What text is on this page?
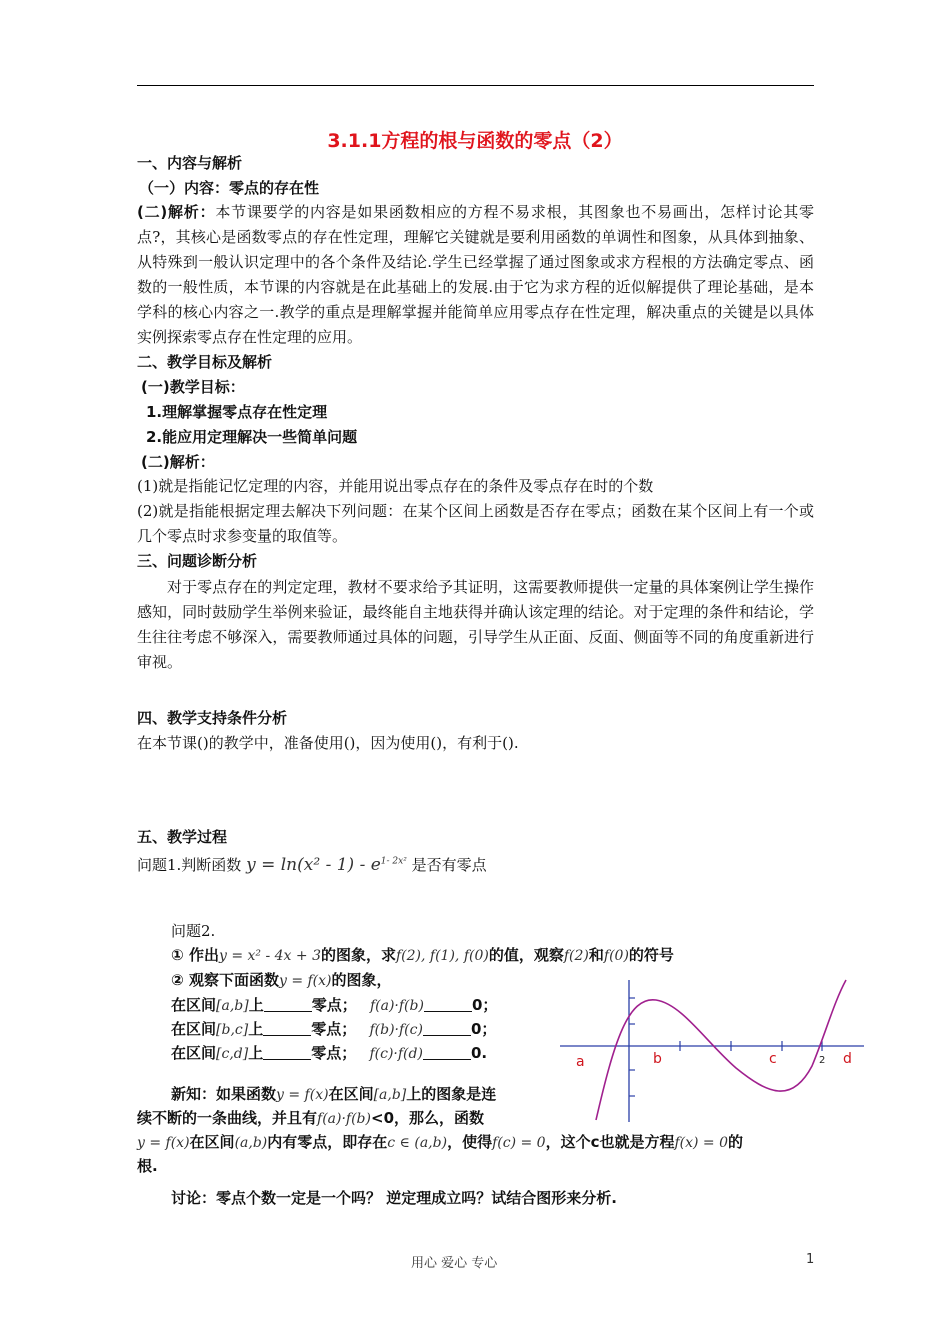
3.1.1方程的根与函数的零点（2）
一、内容与解析
（一）内容：零点的存在性
(二)解析：本节课要学的内容是如果函数相应的方程不易求根，其图象也不易画出，怎样讨论其零点?，其核心是函数零点的存在性定理，理解它关键就是要利用函数的单调性和图象，从具体到抽象、从特殊到一般认识定理中的各个条件及结论.学生已经掌握了通过图象或求方程根的方法确定零点、函数的一般性质，本节课的内容就是在此基础上的发展.由于它为求方程的近似解提供了理论基础，是本学科的核心内容之一.教学的重点是理解掌握并能简单应用零点存在性定理，解决重点的关键是以具体实例探索零点存在性定理的应用。
二、教学目标及解析
(一)教学目标：
1.理解掌握零点存在性定理
2.能应用定理解决一些简单问题
(二)解析：
(1)就是指能记忆定理的内容，并能用说出零点存在的条件及零点存在时的个数
(2)就是指能根据定理去解决下列问题：在某个区间上函数是否存在零点；函数在某个区间上有一个或几个零点时求参变量的取值等。
三、问题诊断分析
对于零点存在的判定定理，教材不要求给予其证明，这需要教师提供一定量的具体案例让学生操作感知，同时鼓励学生举例来验证，最终能自主地获得并确认该定理的结论。对于定理的条件和结论，学生往往考虑不够深入，需要教师通过具体的问题，引导学生从正面、反面、侧面等不同的角度重新进行审视。
四、教学支持条件分析
在本节课()的教学中，准备使用()，因为使用()，有利于().
五、教学过程
问题1.判断函数 $y = \ln(x^2 - 1) - e^{1- 2x^2}$ 是否有零点
问题2.
① 作出y = x² - 4x + 3的图象，求f(2), f(1), f(0)的值，观察f(2)和f(0)的符号
② 观察下面函数y = f(x)的图象，
在区间[a,b]上	零点； f(a)·f(b)	0；
在区间[b,c]上	零点； f(b)·f(c)	0；
在区间[c,d]上	零点； f(c)·f(d)	0.	a	b	c	2 d
新知：如果函数y = f(x)在区间[a,b]上的图象是连
续不断的一条曲线，并且有f(a)·f(b)<0，那么，函数
y = f(x)在区间(a,b)内有零点，即存在c ∈ (a,b)，使得f(c) = 0，这个c也就是方程f(x) = 0的
根.
讨论：零点个数一定是一个吗？ 逆定理成立吗？试结合图形来分析.
用心 爱心 专心	1
